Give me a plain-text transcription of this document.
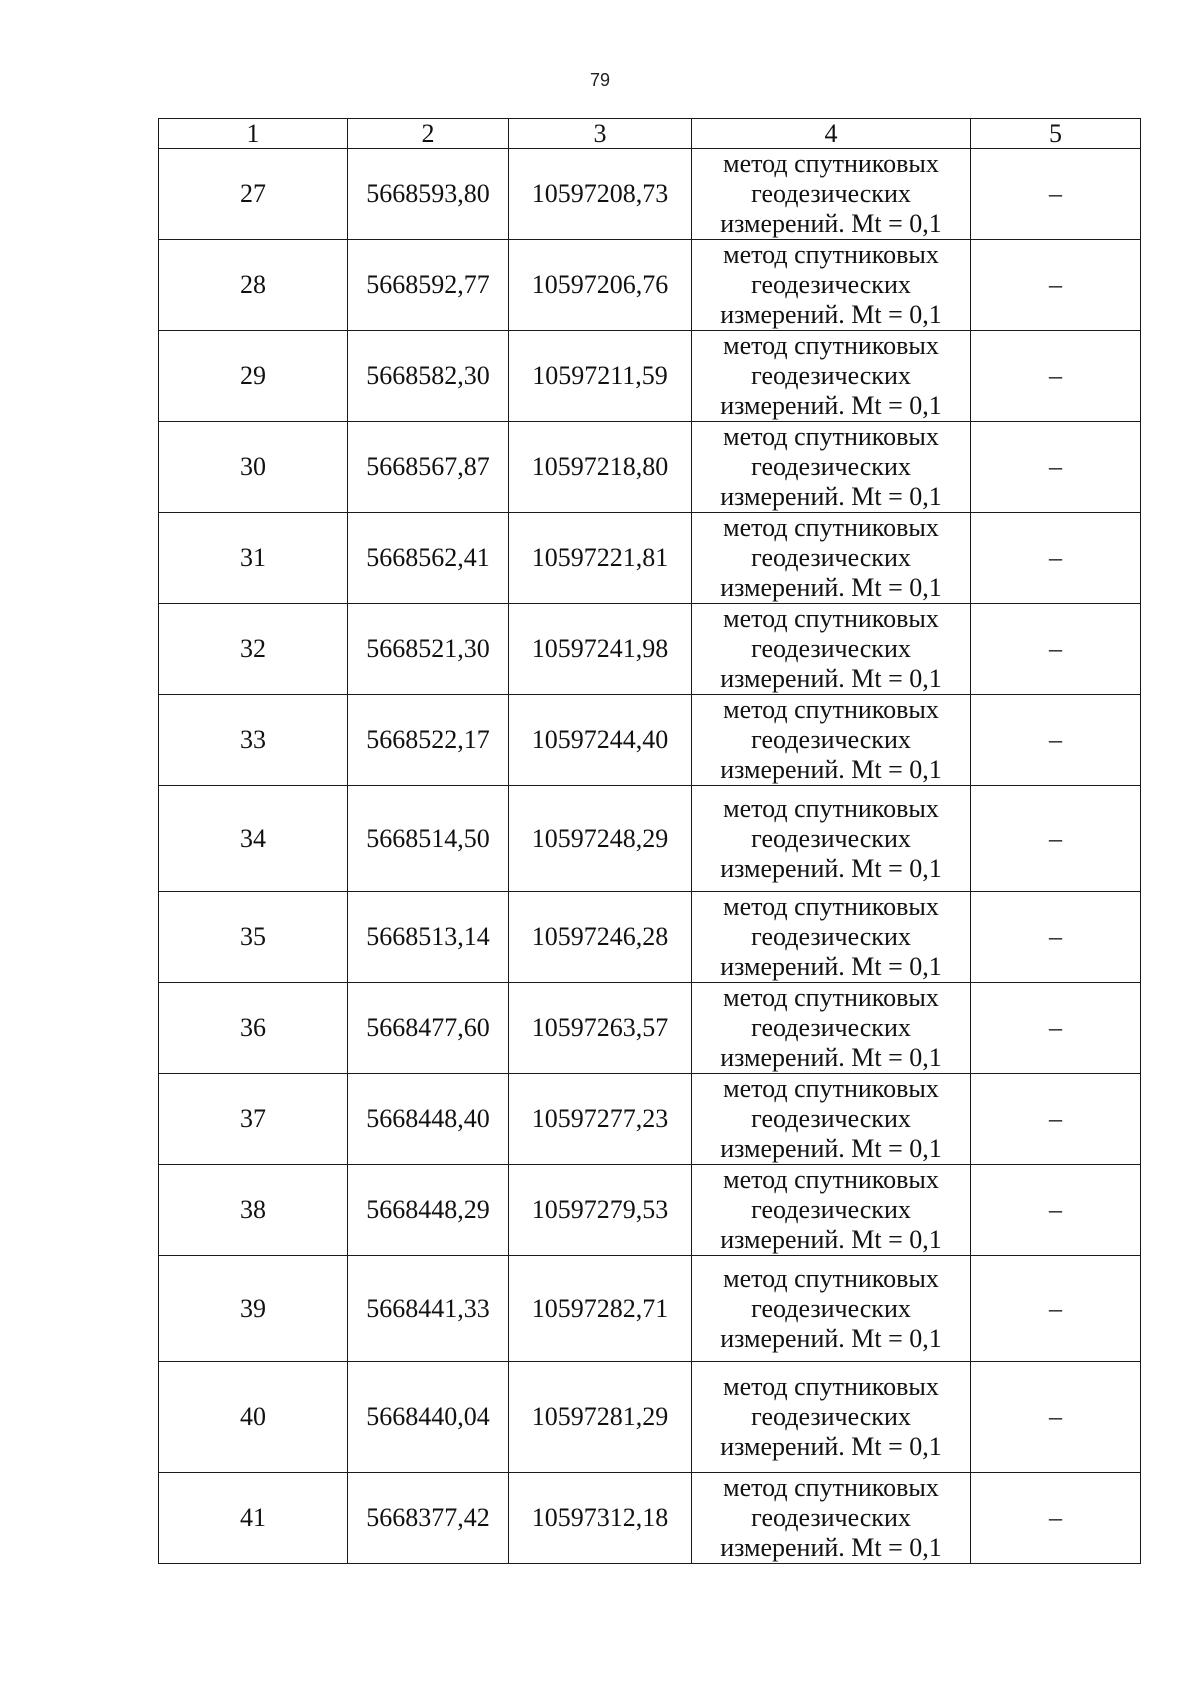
79
1	2	3	4	5
27	5668593,80	10597208,73	метод спутниковых
геодезических
измерений. Mt = 0,1	–
28	5668592,77	10597206,76	метод спутниковых
геодезических
измерений. Mt = 0,1	–
29	5668582,30	10597211,59	метод спутниковых
геодезических
измерений. Mt = 0,1	–
30	5668567,87	10597218,80	метод спутниковых
геодезических
измерений. Mt = 0,1	–
31	5668562,41	10597221,81	метод спутниковых
геодезических
измерений. Mt = 0,1	–
32	5668521,30	10597241,98	метод спутниковых
геодезических
измерений. Mt = 0,1	–
33	5668522,17	10597244,40	метод спутниковых
геодезических
измерений. Mt = 0,1	–
34	5668514,50	10597248,29	метод спутниковых
геодезических
измерений. Mt = 0,1	–
35	5668513,14	10597246,28	метод спутниковых
геодезических
измерений. Mt = 0,1	–
36	5668477,60	10597263,57	метод спутниковых
геодезических
измерений. Mt = 0,1	–
37	5668448,40	10597277,23	метод спутниковых
геодезических
измерений. Mt = 0,1	–
38	5668448,29	10597279,53	метод спутниковых
геодезических
измерений. Mt = 0,1	–
39	5668441,33	10597282,71	метод спутниковых
геодезических
измерений. Mt = 0,1	–
40	5668440,04	10597281,29	метод спутниковых
геодезических
измерений. Mt = 0,1	–
41	5668377,42	10597312,18	метод спутниковых
геодезических
измерений. Mt = 0,1	–
